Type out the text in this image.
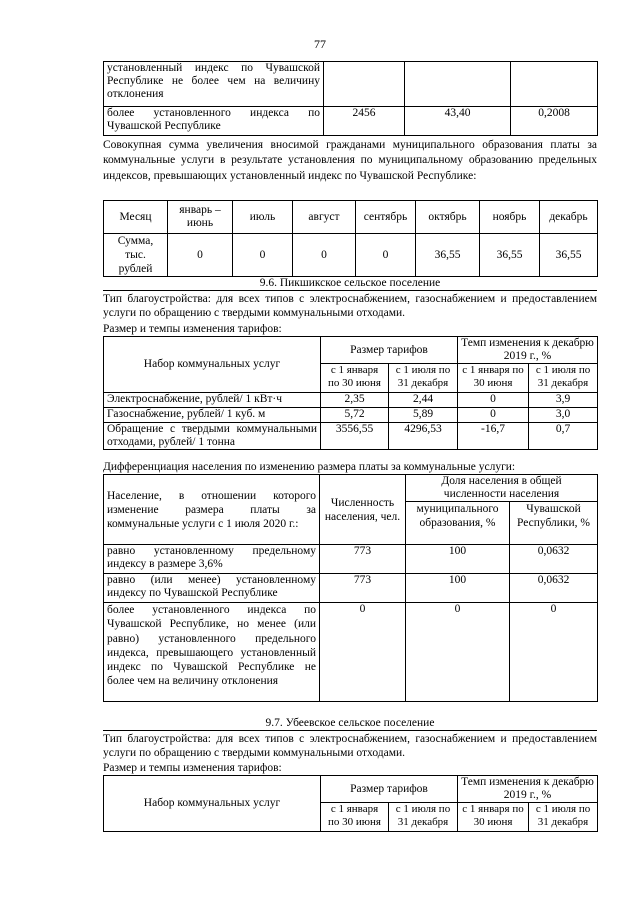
77
установленный индекс по Чувашской Республике не более чем на величину отклонения			
более установленного индекса по Чувашской Республике	2456	43,40	0,2008
Совокупная сумма увеличения вносимой гражданами муниципального образования платы за коммунальные услуги в результате установления по муниципальному образованию предельных индексов, превышающих установленный индекс по Чувашской Республике:
Месяц	январь – июнь	июль	август	сентябрь	октябрь	ноябрь	декабрь
Сумма, тыс. рублей	0	0	0	0	36,55	36,55	36,55
9.6. Пикшикское сельское поселение
Тип благоустройства: для всех типов с электроснабжением, газоснабжением и предоставлением услуги по обращению с твердыми коммунальными отходами.
Размер и темпы изменения тарифов:
Набор коммунальных услуг	Размер тарифов		Темп изменения к декабрю 2019 г., %	
	с 1 января по 30 июня	с 1 июля по 31 декабря	с 1 января по 30 июня	с 1 июля по 31 декабря
Электроснабжение, рублей/ 1 кВт·ч	2,35	2,44	0	3,9
Газоснабжение, рублей/ 1 куб. м	5,72	5,89	0	3,0
Обращение с твердыми коммунальными отходами, рублей/ 1 тонна	3556,55	4296,53	-16,7	0,7
Дифференциация населения по изменению размера платы за коммунальные услуги:
Население, в отношении которого изменение размера платы за коммунальные услуги с 1 июля 2020 г.:	Численность населения, чел.	Доля населения в общей численности населения	
		муниципального образования, %	Чувашской Республики, %
равно установленному предельному индексу в размере 3,6%	773	100	0,0632
равно (или менее) установленному индексу по Чувашской Республике	773	100	0,0632
более установленного индекса по Чувашской Республике, но менее (или равно) установленного предельного индекса, превышающего установленный индекс по Чувашской Республике не более чем на величину отклонения	0	0	0
9.7. Убеевское сельское поселение
Тип благоустройства: для всех типов с электроснабжением, газоснабжением и предоставлением услуги по обращению с твердыми коммунальными отходами.
Размер и темпы изменения тарифов:
Набор коммунальных услуг	Размер тарифов		Темп изменения к декабрю 2019 г., %	
	с 1 января по 30 июня	с 1 июля по 31 декабря	с 1 января по 30 июня	с 1 июля по 31 декабря
